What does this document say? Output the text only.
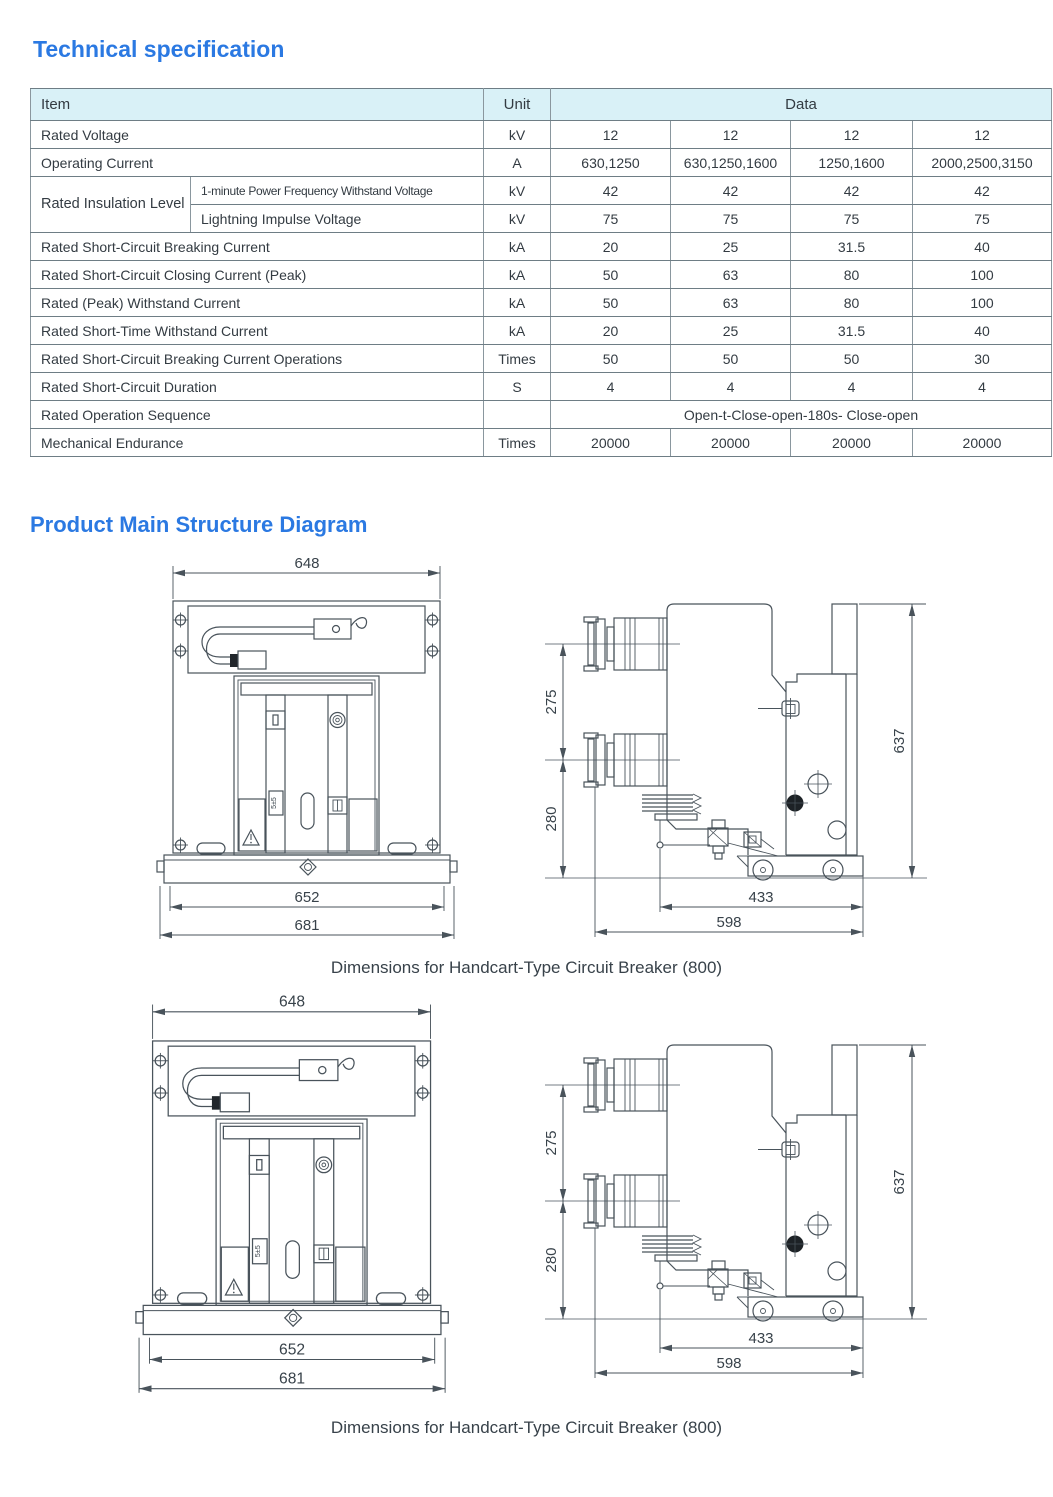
Technical specification
Item		Unit	Data			
Rated Voltage		kV	12	12	12	12
Operating Current		A	630,1250	630,1250,1600	1250,1600	2000,2500,3150
Rated Insulation Level	1-minute Power Frequency Withstand Voltage	kV	42	42	42	42
	Lightning Impulse Voltage	kV	75	75	75	75
Rated Short-Circuit Breaking Current		kA	20	25	31.5	40
Rated Short-Circuit Closing Current (Peak)		kA	50	63	80	100
Rated (Peak) Withstand Current		kA	50	63	80	100
Rated Short-Time Withstand Current		kA	20	25	31.5	40
Rated Short-Circuit Breaking Current Operations		Times	50	50	50	30
Rated Short-Circuit Duration		S	4	4	4	4
Rated Operation Sequence			Open-t-Close-open-180s- Close-open			
Mechanical Endurance		Times	20000	20000	20000	20000
Product Main Structure Diagram
Dimensions for Handcart-Type Circuit Breaker (800)
Dimensions for Handcart-Type Circuit Breaker (800)
